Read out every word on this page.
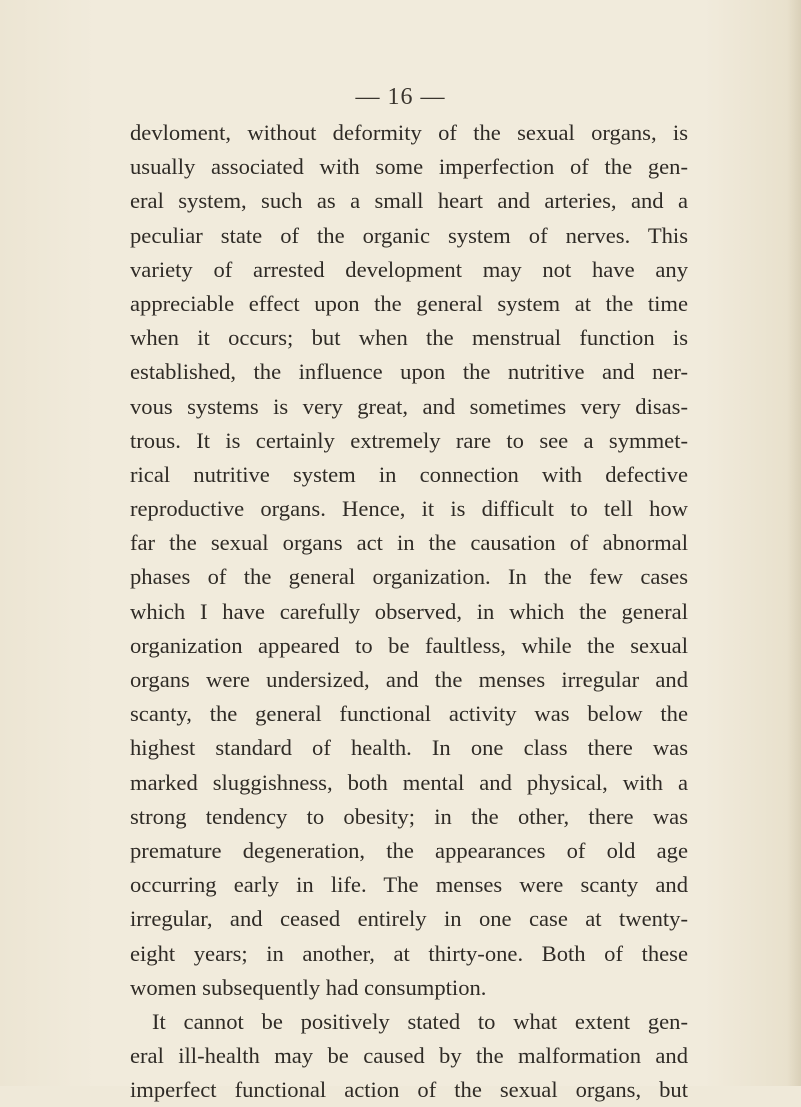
— 16 —
devloment, without deformity of the sexual organs, is
usually associated with some imperfection of the gen-
eral system, such as a small heart and arteries, and a
peculiar state of the organic system of nerves. This
variety of arrested development may not have any
appreciable effect upon the general system at the time
when it occurs; but when the menstrual function is
established, the influence upon the nutritive and ner-
vous systems is very great, and sometimes very disas-
trous. It is certainly extremely rare to see a symmet-
rical nutritive system in connection with defective
reproductive organs. Hence, it is difficult to tell how
far the sexual organs act in the causation of abnormal
phases of the general organization. In the few cases
which I have carefully observed, in which the general
organization appeared to be faultless, while the sexual
organs were undersized, and the menses irregular and
scanty, the general functional activity was below the
highest standard of health. In one class there was
marked sluggishness, both mental and physical, with a
strong tendency to obesity; in the other, there was
premature degeneration, the appearances of old age
occurring early in life. The menses were scanty and
irregular, and ceased entirely in one case at twenty-
eight years; in another, at thirty-one. Both of these
women subsequently had consumption.
It cannot be positively stated to what extent gen-
eral ill-health may be caused by the malformation and
imperfect functional action of the sexual organs, but
